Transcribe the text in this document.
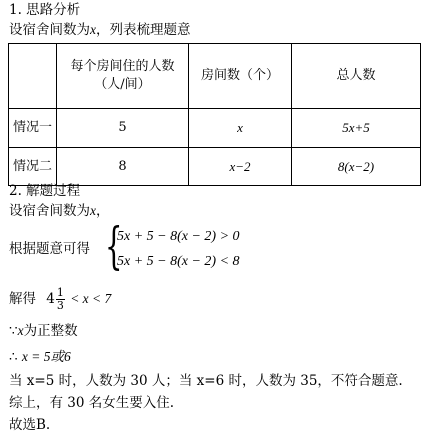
1. 思路分析
设宿舍间数为x，列表梳理题意

	每个房间住的人数
（人/间）	房间数（个）	总人数
情况一	5	x	5x+5
情况二	8	x−2	8(x−2)
2. 解题过程
设宿舍间数为x，
根据题意可得 {
5x + 5 − 8(x − 2) > 0
5x + 5 − 8(x − 2) < 8
解得 $4 \frac{1}{3} < x < 7$
∵x为正整数
∴ x = 5或6
当 x=5 时，人数为 30 人；当 x=6 时，人数为 35，不符合题意.
综上，有 30 名女生要入住.
故选B.
